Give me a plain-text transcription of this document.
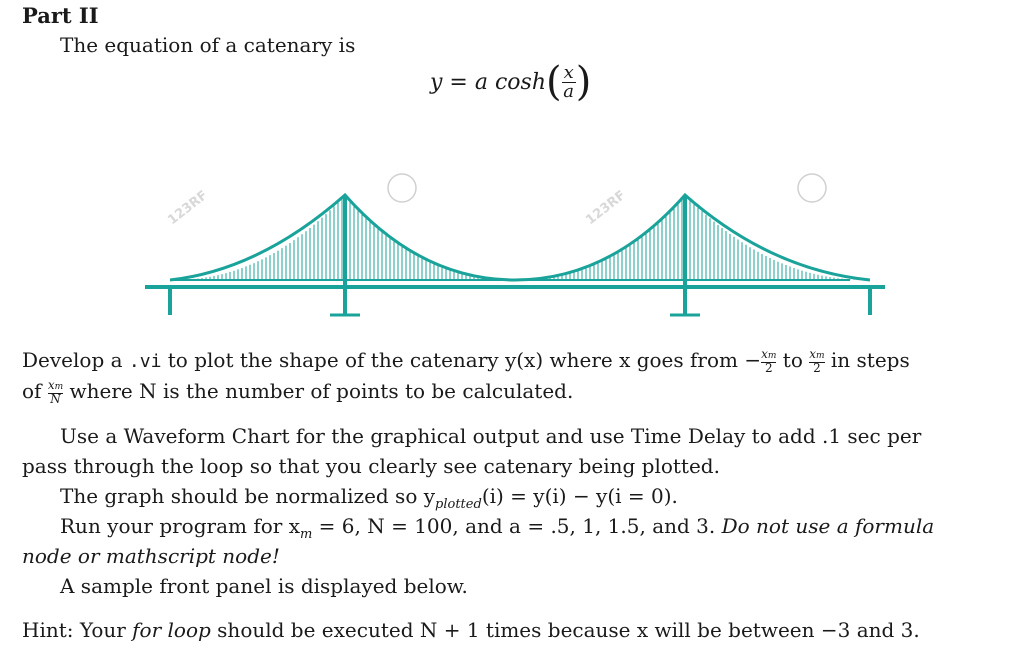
Part II
The equation of a catenary is
y = a cosh ( $\frac{x}{a}$ )
123RF	123RF
Develop a .vi to plot the shape of the catenary y(x) where x goes from − $\frac{xm}{2}$ to $\frac{xm}{2}$ in steps
of $\frac{xm}{N}$ where N is the number of points to be calculated.
Use a Waveform Chart for the graphical output and use Time Delay to add .1 sec per
pass through the loop so that you clearly see catenary being plotted.
The graph should be normalized so $y_{plotted}(i) = y(i) - y(i = 0)$.
Run your program for $x_m = 6$, N = 100, and a = .5, 1, 1.5, and 3. Do not use a formula
node or mathscript node!
A sample front panel is displayed below.
Hint: Your for loop should be executed N + 1 times because x will be between −3 and 3.
